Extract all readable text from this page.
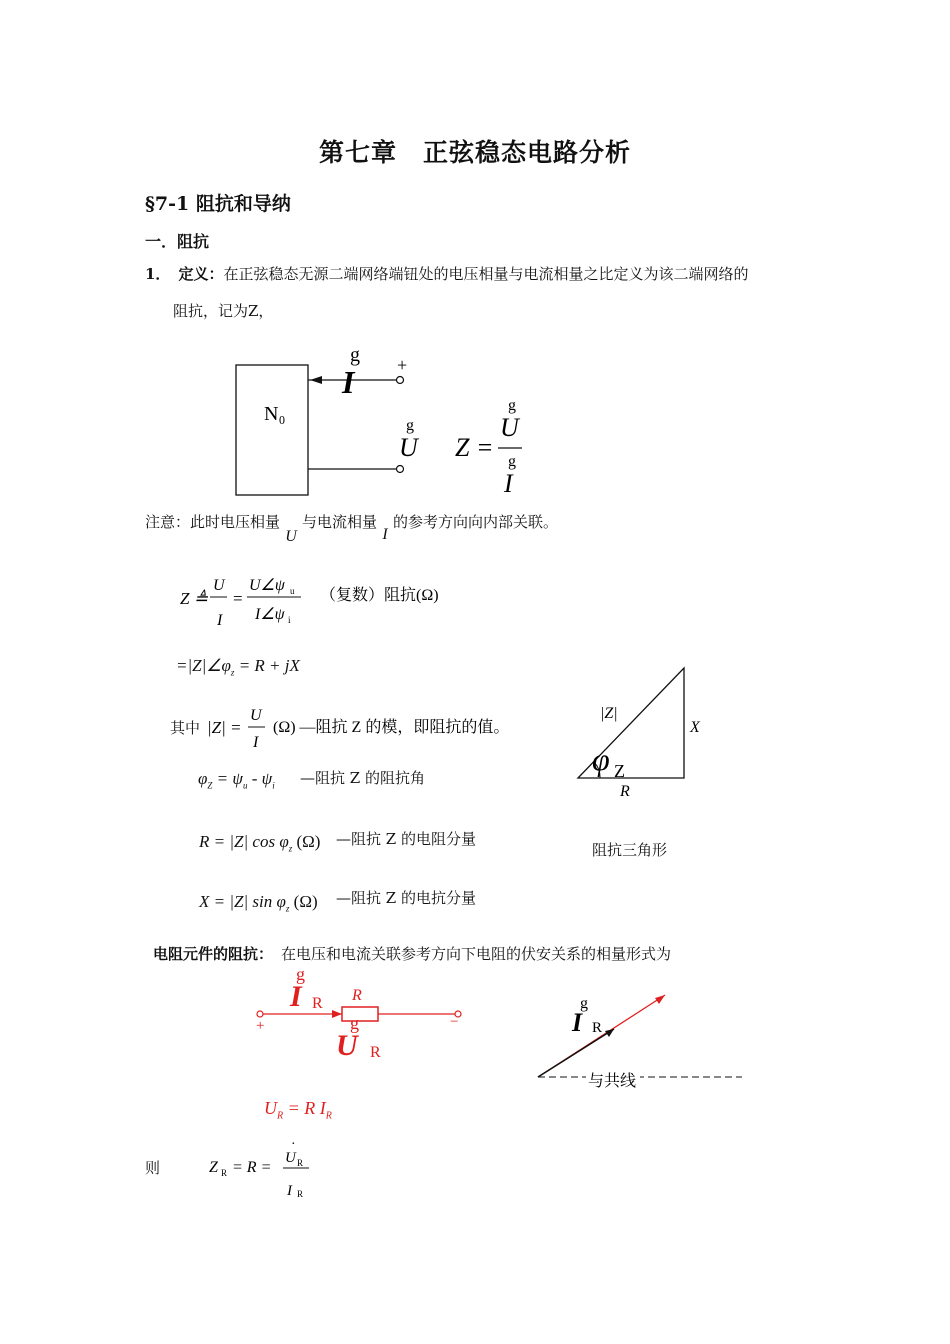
第七章　正弦稳态电路分析
§7-1 阻抗和导纳
一．阻抗
1． 定义：在正弦稳态无源二端网络端钮处的电压相量与电流相量之比定义为该二端网络的
阻抗，记为Z，
N₀
g
I +
g
U Z =
g
U
g
I
注意：此时电压相量U与电流相量I的参考方向向内部关联。
Z ≜
U
I
=
U∠ψ u
I∠ψ i
（复数）阻抗(Ω)
$=|Z|\angle\varphi_z = R$ + jX
其中 |Z| =
U
I
(Ω) —阻抗 Z 的模，即阻抗的值。
$\varphi_Z = \psi_u - \psi_i$ —阻抗 Z 的阻抗角
R = |Z| $\cos \varphi_z$ (Ω) —阻抗 Z 的电阻分量
X = |Z| $\sin \varphi_z$ (Ω) —阻抗 Z 的电抗分量
|Z|
X
R
φ Z
阻抗三角形
电阻元件的阻抗： 在电压和电流关联参考方向下电阻的伏安关系的相量形式为
g
I R R
g
U R
+	−
g
I R
与共线
$U_R = R$ $I_R$
则	Z R = R =
·
U R
I R
